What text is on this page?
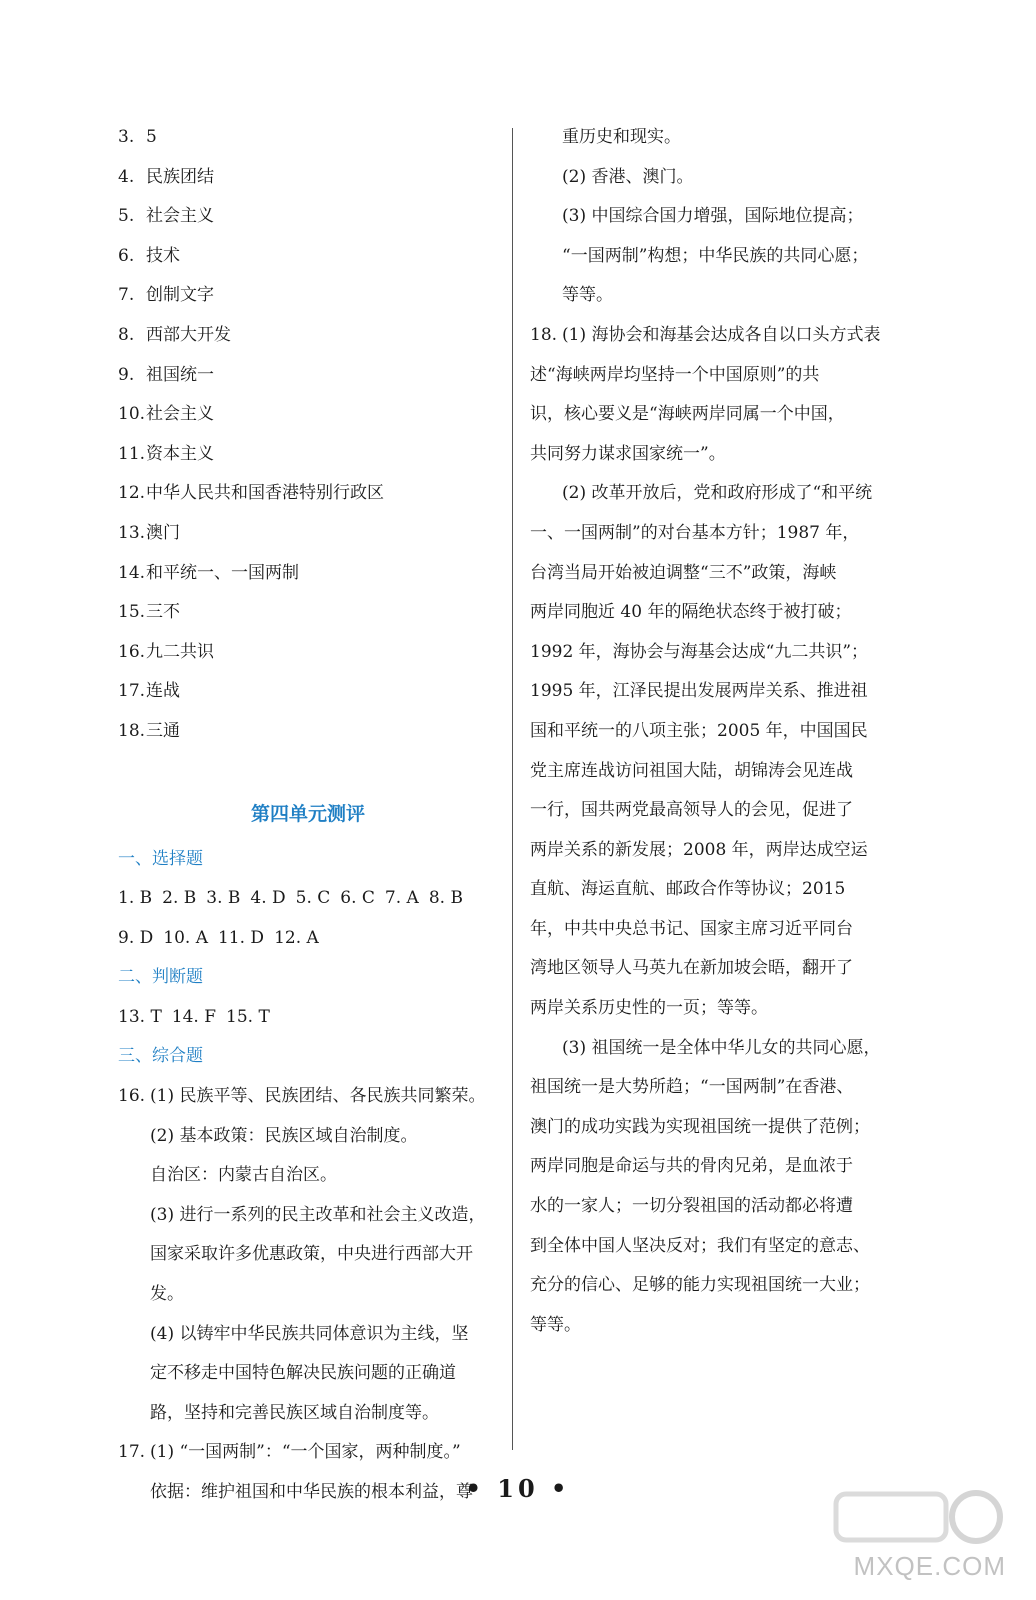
3. 5
4. 民族团结
5. 社会主义
6. 技术
7. 创制文字
8. 西部大开发
9. 祖国统一
10. 社会主义
11. 资本主义
12. 中华人民共和国香港特别行政区
13. 澳门
14. 和平统一、一国两制
15. 三不
16. 九二共识
17. 连战
18. 三通
第四单元测评
一、选择题
1. B 2. B 3. B 4. D 5. C 6. C 7. A 8. B
9. D 10. A 11. D 12. A
二、判断题
13. T 14. F 15. T
三、综合题
16. (1) 民族平等、民族团结、各民族共同繁荣。
(2) 基本政策：民族区域自治制度。
自治区：内蒙古自治区。
(3) 进行一系列的民主改革和社会主义改造，
国家采取许多优惠政策，中央进行西部大开发。
(4) 以铸牢中华民族共同体意识为主线，坚
定不移走中国特色解决民族问题的正确道
路，坚持和完善民族区域自治制度等。
17. (1) “一国两制”：“一个国家，两种制度。”
依据：维护祖国和中华民族的根本利益，尊
重历史和现实。
(2) 香港、澳门。
(3) 中国综合国力增强，国际地位提高；
“一国两制”构想；中华民族的共同心愿；
等等。
18. (1) 海协会和海基会达成各自以口头方式表
述“海峡两岸均坚持一个中国原则”的共
识，核心要义是“海峡两岸同属一个中国，
共同努力谋求国家统一”。
(2) 改革开放后，党和政府形成了“和平统
一、一国两制”的对台基本方针；1987 年，
台湾当局开始被迫调整“三不”政策，海峡
两岸同胞近 40 年的隔绝状态终于被打破；
1992 年，海协会与海基会达成“九二共识”；
1995 年，江泽民提出发展两岸关系、推进祖
国和平统一的八项主张；2005 年，中国国民
党主席连战访问祖国大陆，胡锦涛会见连战
一行，国共两党最高领导人的会见，促进了
两岸关系的新发展；2008 年，两岸达成空运
直航、海运直航、邮政合作等协议；2015
年，中共中央总书记、国家主席习近平同台
湾地区领导人马英九在新加坡会晤，翻开了
两岸关系历史性的一页；等等。
(3) 祖国统一是全体中华儿女的共同心愿，
祖国统一是大势所趋；“一国两制”在香港、
澳门的成功实践为实现祖国统一提供了范例；
两岸同胞是命运与共的骨肉兄弟，是血浓于
水的一家人；一切分裂祖国的活动都必将遭
到全体中国人坚决反对；我们有坚定的意志、
充分的信心、足够的能力实现祖国统一大业；
等等。
• 10 •
MXQE.COM
